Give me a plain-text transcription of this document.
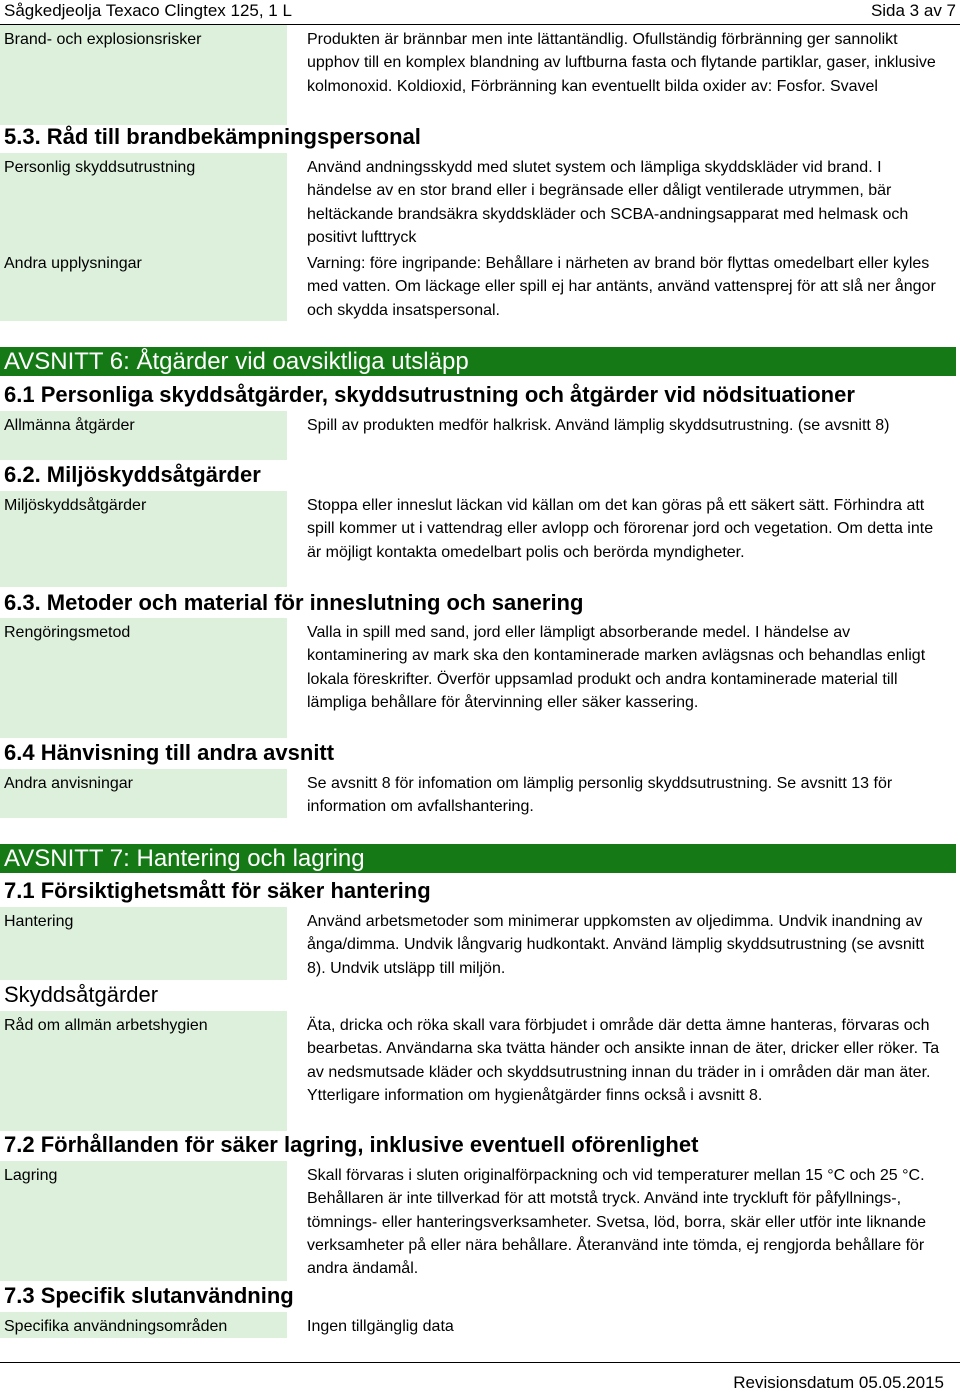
Sågkedjeolja Texaco Clingtex 125, 1 L	Sida 3 av 7
Brand- och explosionsrisker	Produkten är brännbar men inte lättantändlig. Ofullständig förbränning ger sannolikt upphov till en komplex blandning av luftburna fasta och flytande partiklar, gaser, inklusive kolmonoxid. Koldioxid, Förbränning kan eventuellt bilda oxider av: Fosfor. Svavel
5.3. Råd till brandbekämpningspersonal
Personlig skyddsutrustning	Använd andningsskydd med slutet system och lämpliga skyddskläder vid brand. I händelse av en stor brand eller i begränsade eller dåligt ventilerade utrymmen, bär heltäckande brandsäkra skyddskläder och SCBA-andningsapparat med helmask och positivt lufttryck
Andra upplysningar	Varning: före ingripande: Behållare i närheten av brand bör flyttas omedelbart eller kyles med vatten. Om läckage eller spill ej har antänts, använd vattensprej för att slå ner ångor och skydda insatspersonal.
AVSNITT 6: Åtgärder vid oavsiktliga utsläpp
6.1 Personliga skyddsåtgärder, skyddsutrustning och åtgärder vid nödsituationer
Allmänna åtgärder	Spill av produkten medför halkrisk. Använd lämplig skyddsutrustning. (se avsnitt 8)
6.2. Miljöskyddsåtgärder
Miljöskyddsåtgärder	Stoppa eller inneslut läckan vid källan om det kan göras på ett säkert sätt. Förhindra att spill kommer ut i vattendrag eller avlopp och förorenar jord och vegetation. Om detta inte är möjligt kontakta omedelbart polis och berörda myndigheter.
6.3. Metoder och material för inneslutning och sanering
Rengöringsmetod	Valla in spill med sand, jord eller lämpligt absorberande medel. I händelse av kontaminering av mark ska den kontaminerade marken avlägsnas och behandlas enligt lokala föreskrifter. Överför uppsamlad produkt och andra kontaminerade material till lämpliga behållare för återvinning eller säker kassering.
6.4 Hänvisning till andra avsnitt
Andra anvisningar	Se avsnitt 8 för infomation om lämplig personlig skyddsutrustning. Se avsnitt 13 för information om avfallshantering.
AVSNITT 7: Hantering och lagring
7.1 Försiktighetsmått för säker hantering
Hantering	Använd arbetsmetoder som minimerar uppkomsten av oljedimma. Undvik inandning av ånga/dimma. Undvik långvarig hudkontakt. Använd lämplig skyddsutrustning (se avsnitt 8). Undvik utsläpp till miljön.
Skyddsåtgärder
Råd om allmän arbetshygien	Äta, dricka och röka skall vara förbjudet i område där detta ämne hanteras, förvaras och bearbetas. Användarna ska tvätta händer och ansikte innan de äter, dricker eller röker. Ta av nedsmutsade kläder och skyddsutrustning innan du träder in i områden där man äter. Ytterligare information om hygienåtgärder finns också i avsnitt 8.
7.2 Förhållanden för säker lagring, inklusive eventuell oförenlighet
Lagring	Skall förvaras i sluten originalförpackning och vid temperaturer mellan 15 °C och 25 °C. Behållaren är inte tillverkad för att motstå tryck. Använd inte tryckluft för påfyllnings-, tömnings- eller hanteringsverksamheter. Svetsa, löd, borra, skär eller utför inte liknande verksamheter på eller nära behållare. Återanvänd inte tömda, ej rengjorda behållare för andra ändamål.
7.3 Specifik slutanvändning
Specifika användningsområden	Ingen tillgänglig data
Revisionsdatum 05.05.2015
